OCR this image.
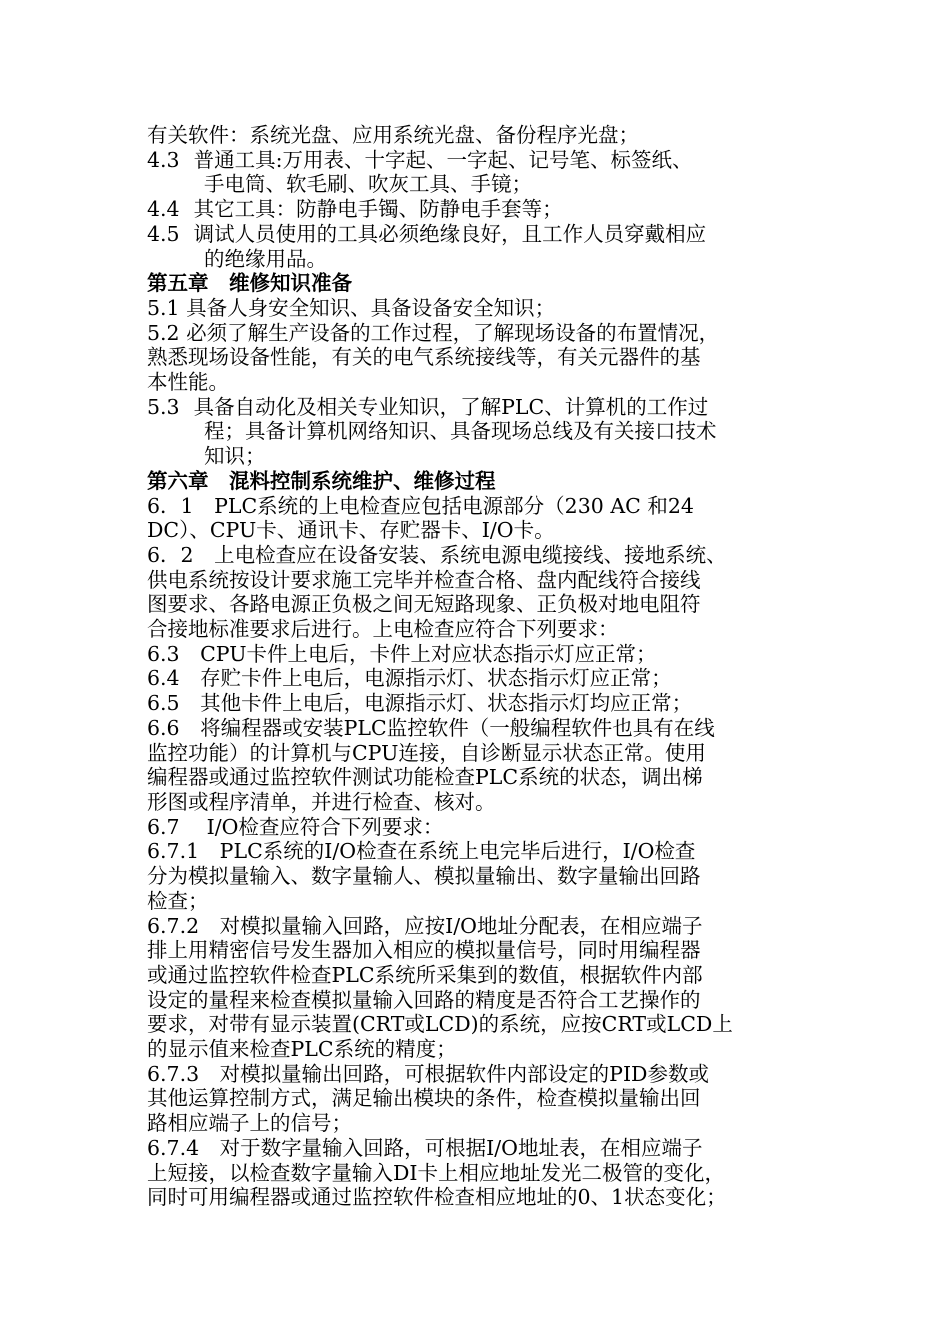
有关软件：系统光盘、应用系统光盘、备份程序光盘；
4.3 普通工具:万用表、十字起、一字起、记号笔、标签纸、
手电筒、软毛刷、吹灰工具、手镜；
4.4 其它工具：防静电手镯、防静电手套等；
4.5 调试人员使用的工具必须绝缘良好，且工作人员穿戴相应
的绝缘用品。
第五章　维修知识准备
5.1 具备人身安全知识、具备设备安全知识；
5.2 必须了解生产设备的工作过程，了解现场设备的布置情况，
熟悉现场设备性能，有关的电气系统接线等，有关元器件的基
本性能。
5.3 具备自动化及相关专业知识，了解PLC、计算机的工作过
程；具备计算机网络知识、具备现场总线及有关接口技术
知识；
第六章　混料控制系统维护、维修过程
6．1　PLC系统的上电检查应包括电源部分（230 AC 和24
DC）、CPU卡、通讯卡、存贮器卡、I/O卡。
6．2　上电检查应在设备安装、系统电源电缆接线、接地系统、
供电系统按设计要求施工完毕并检查合格、盘内配线符合接线
图要求、各路电源正负极之间无短路现象、正负极对地电阻符
合接地标准要求后进行。上电检查应符合下列要求：
6.3　CPU卡件上电后，卡件上对应状态指示灯应正常；
6.4　存贮卡件上电后，电源指示灯、状态指示灯应正常；
6.5　其他卡件上电后，电源指示灯、状态指示灯均应正常；
6.6　将编程器或安装PLC监控软件（一般编程软件也具有在线
监控功能）的计算机与CPU连接，自诊断显示状态正常。使用
编程器或通过监控软件测试功能检查PLC系统的状态，调出梯
形图或程序清单，并进行检查、核对。
6.7　 I/O检查应符合下列要求：
6.7.1　PLC系统的I/O检查在系统上电完毕后进行，I/O检查
分为模拟量输入、数字量输人、模拟量输出、数字量输出回路
检查；
6.7.2　对模拟量输入回路，应按I/O地址分配表，在相应端子
排上用精密信号发生器加入相应的模拟量信号，同时用编程器
或通过监控软件检查PLC系统所采集到的数值，根据软件内部
设定的量程来检查模拟量输入回路的精度是否符合工艺操作的
要求，对带有显示装置(CRT或LCD)的系统，应按CRT或LCD上
的显示值来检查PLC系统的精度；
6.7.3　对模拟量输出回路，可根据软件内部设定的PID参数或
其他运算控制方式，满足输出模块的条件，检查模拟量输出回
路相应端子上的信号；
6.7.4　对于数字量输入回路，可根据I/O地址表，在相应端子
上短接，以检查数字量输入DI卡上相应地址发光二极管的变化，
同时可用编程器或通过监控软件检查相应地址的0、1状态变化；
